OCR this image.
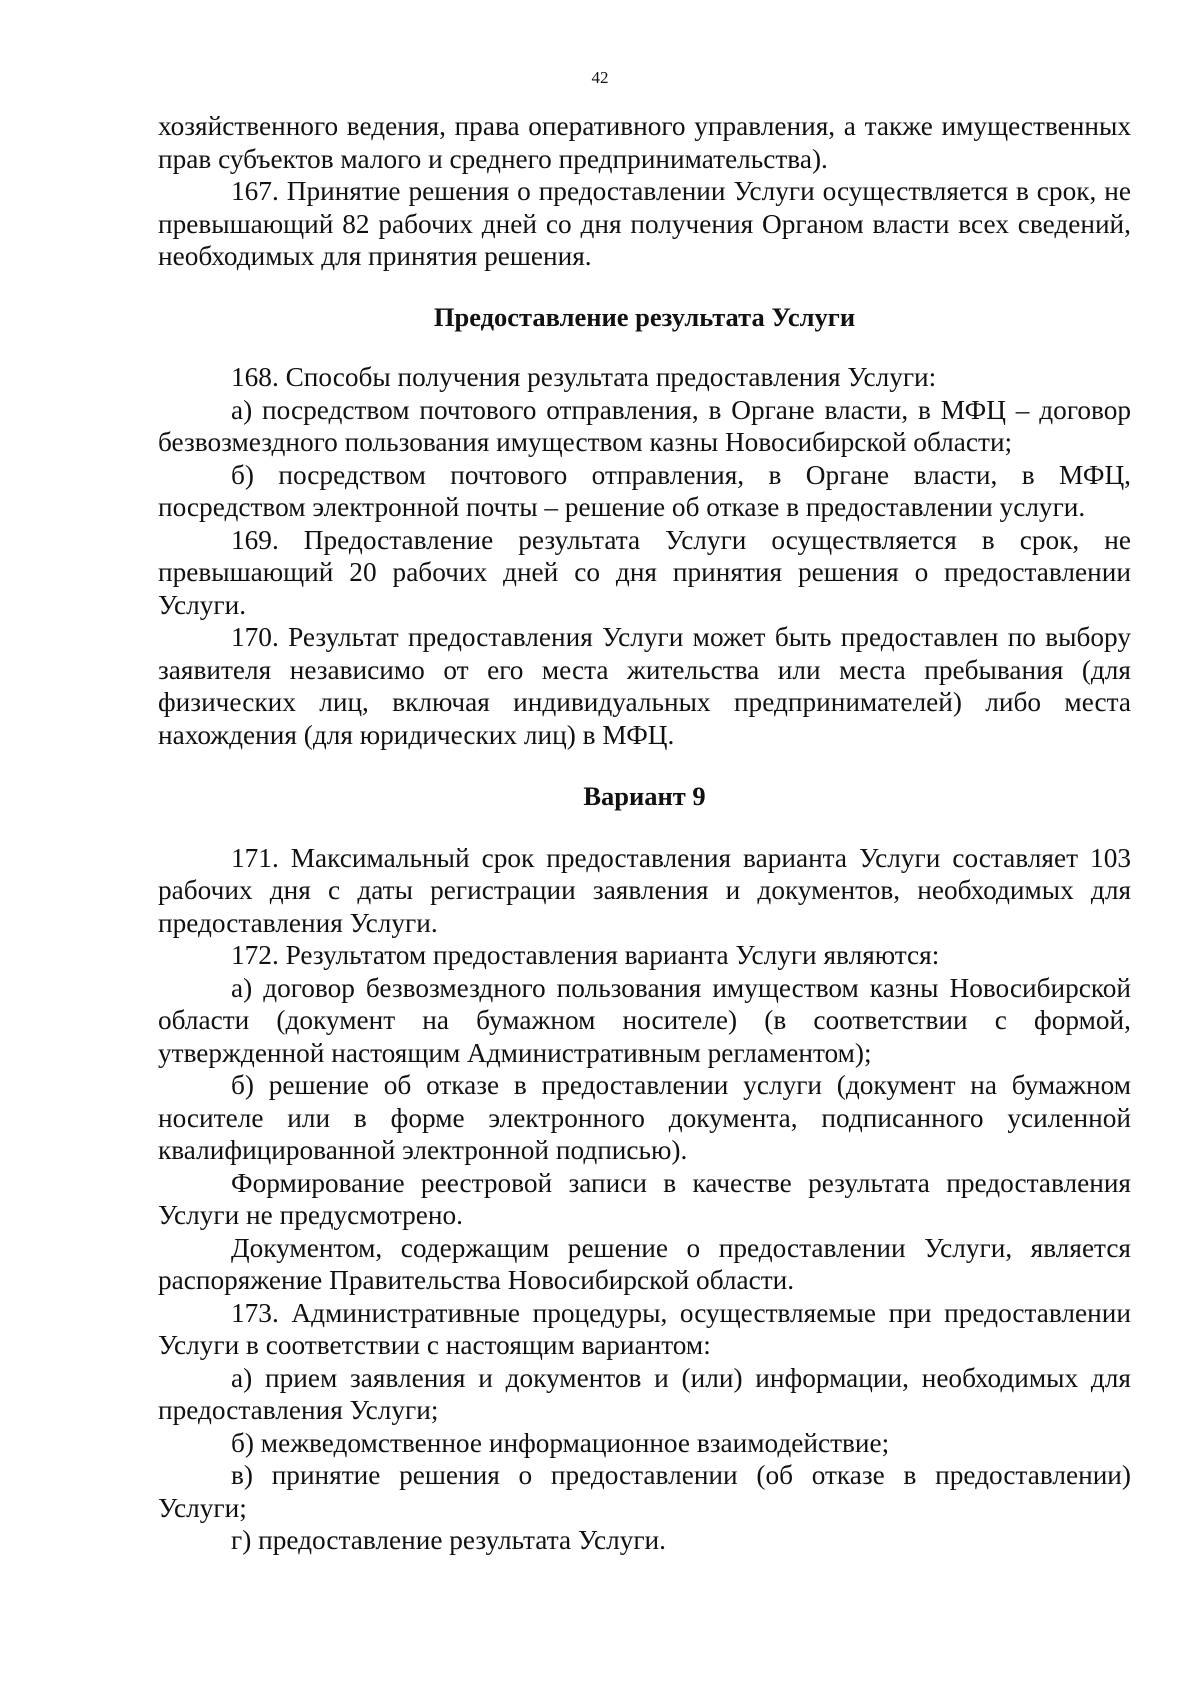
42

хозяйственного ведения, права оперативного управления, а также имущественных прав субъектов малого и среднего предпринимательства).

167. Принятие решения о предоставлении Услуги осуществляется в срок, не превышающий 82 рабочих дней со дня получения Органом власти всех сведений, необходимых для принятия решения.

Предоставление результата Услуги

168. Способы получения результата предоставления Услуги:

а) посредством почтового отправления, в Органе власти, в МФЦ – договор безвозмездного пользования имуществом казны Новосибирской области;

б) посредством почтового отправления, в Органе власти, в МФЦ, посредством электронной почты – решение об отказе в предоставлении услуги.

169. Предоставление результата Услуги осуществляется в срок, не превышающий 20 рабочих дней со дня принятия решения о предоставлении Услуги.

170. Результат предоставления Услуги может быть предоставлен по выбору заявителя независимо от его места жительства или места пребывания (для физических лиц, включая индивидуальных предпринимателей) либо места нахождения (для юридических лиц) в МФЦ.

Вариант 9

171. Максимальный срок предоставления варианта Услуги составляет 103 рабочих дня с даты регистрации заявления и документов, необходимых для предоставления Услуги.

172. Результатом предоставления варианта Услуги являются:

а) договор безвозмездного пользования имуществом казны Новосибирской области (документ на бумажном носителе) (в соответствии с формой, утвержденной настоящим Административным регламентом);

б) решение об отказе в предоставлении услуги (документ на бумажном носителе или в форме электронного документа, подписанного усиленной квалифицированной электронной подписью).

Формирование реестровой записи в качестве результата предоставления Услуги не предусмотрено.

Документом, содержащим решение о предоставлении Услуги, является распоряжение Правительства Новосибирской области.

173. Административные процедуры, осуществляемые при предоставлении Услуги в соответствии с настоящим вариантом:

а) прием заявления и документов и (или) информации, необходимых для предоставления Услуги;

б) межведомственное информационное взаимодействие;

в) принятие решения о предоставлении (об отказе в предоставлении) Услуги;

г) предоставление результата Услуги.
